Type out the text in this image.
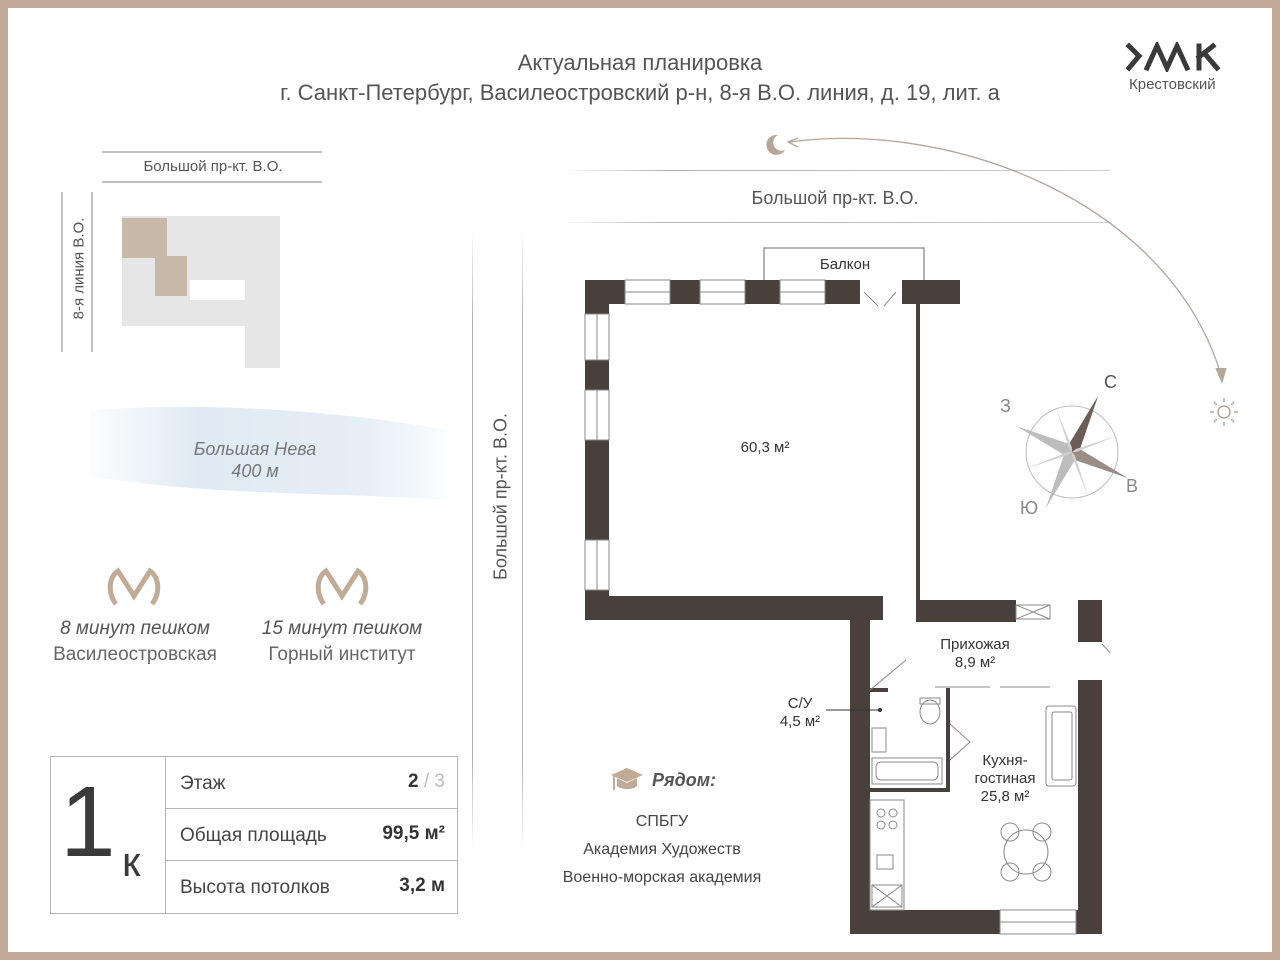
Актуальная планировка
г. Санкт-Петербург, Василеостровский р-н, 8-я В.О. линия, д. 19, лит. а	Крестовский
Большой пр-кт. В.О.
8-я линия В.О.
Большая Нева
400 м
8 минут пешком
Василеостровская
15 минут пешком
Горный институт
Этаж	2 / 3
Общая площадь	99,5 м²
Высота потолков	3,2 м
1 к
Рядом:
СПБГУ
Академия Художеств
Военно-морская академия
Большой пр-кт. В.О.
Большой пр-кт. В.О.
С
З
В
Ю
Балкон
60,3 м²
Прихожая
8,9 м²
С/У
4,5 м²
Кухня-
гостиная
25,8 м²
